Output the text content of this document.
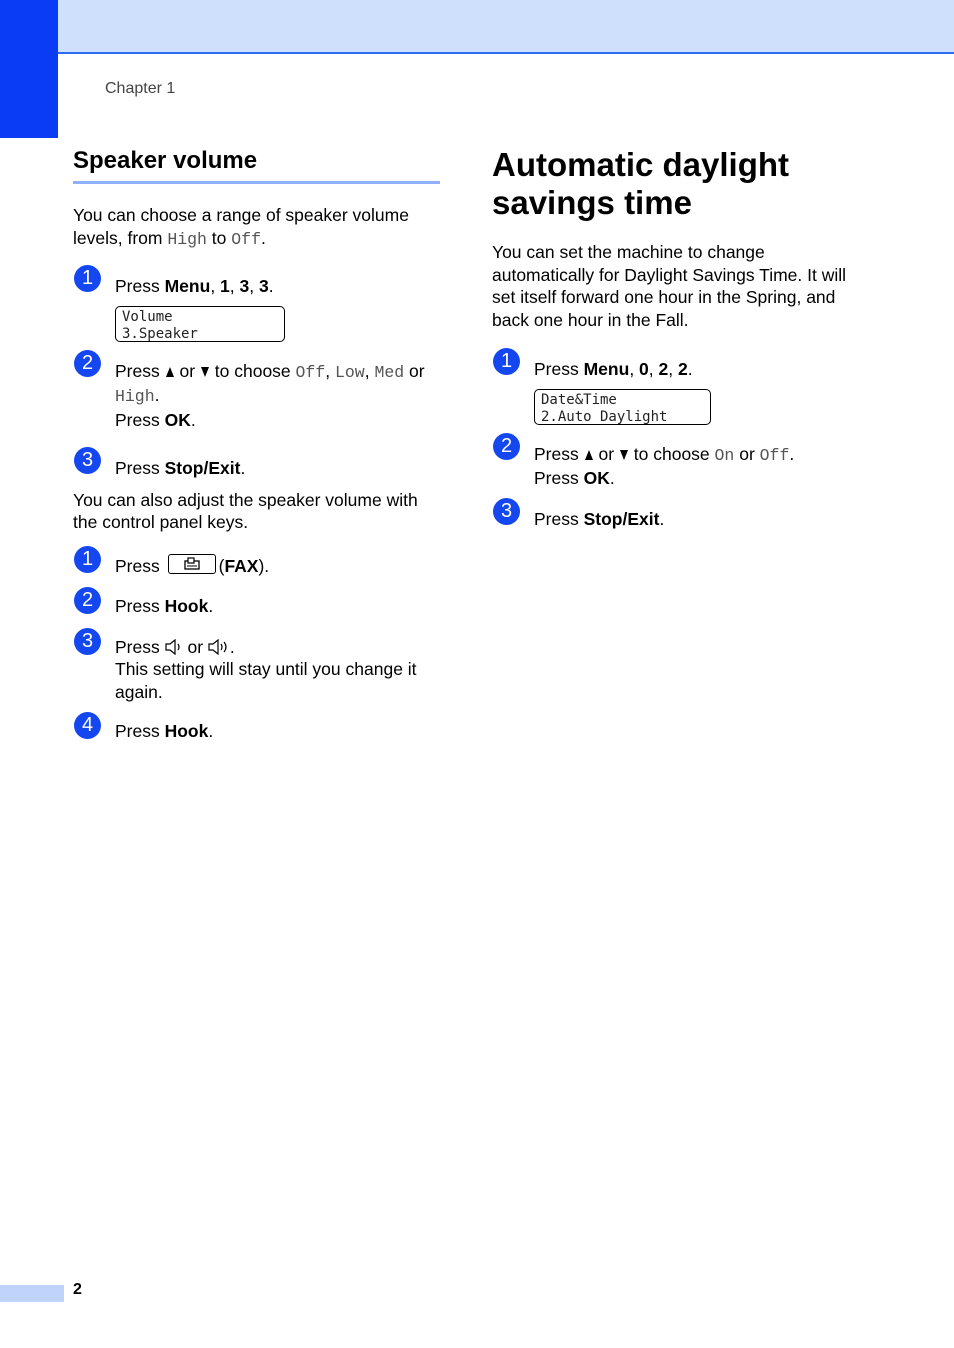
Chapter 1
Speaker volume

You can choose a range of speaker volume levels, from High to Off.

1	Press Menu, 1, 3, 3.
Volume
3.Speaker
2	Press  or  to choose Off, Low, Med or High.
Press OK.
3	Press Stop/Exit.

You can also adjust the speaker volume with the control panel keys.

1	Press	(FAX).
2	Press Hook.
3	Press  or .
This setting will stay until you change it again.
4	Press Hook.
Automatic daylight savings time

You can set the machine to change automatically for Daylight Savings Time. It will set itself forward one hour in the Spring, and back one hour in the Fall.

1	Press Menu, 0, 2, 2.
Date&Time
2.Auto Daylight
2	Press  or  to choose On or Off.
Press OK.
3	Press Stop/Exit.
2
